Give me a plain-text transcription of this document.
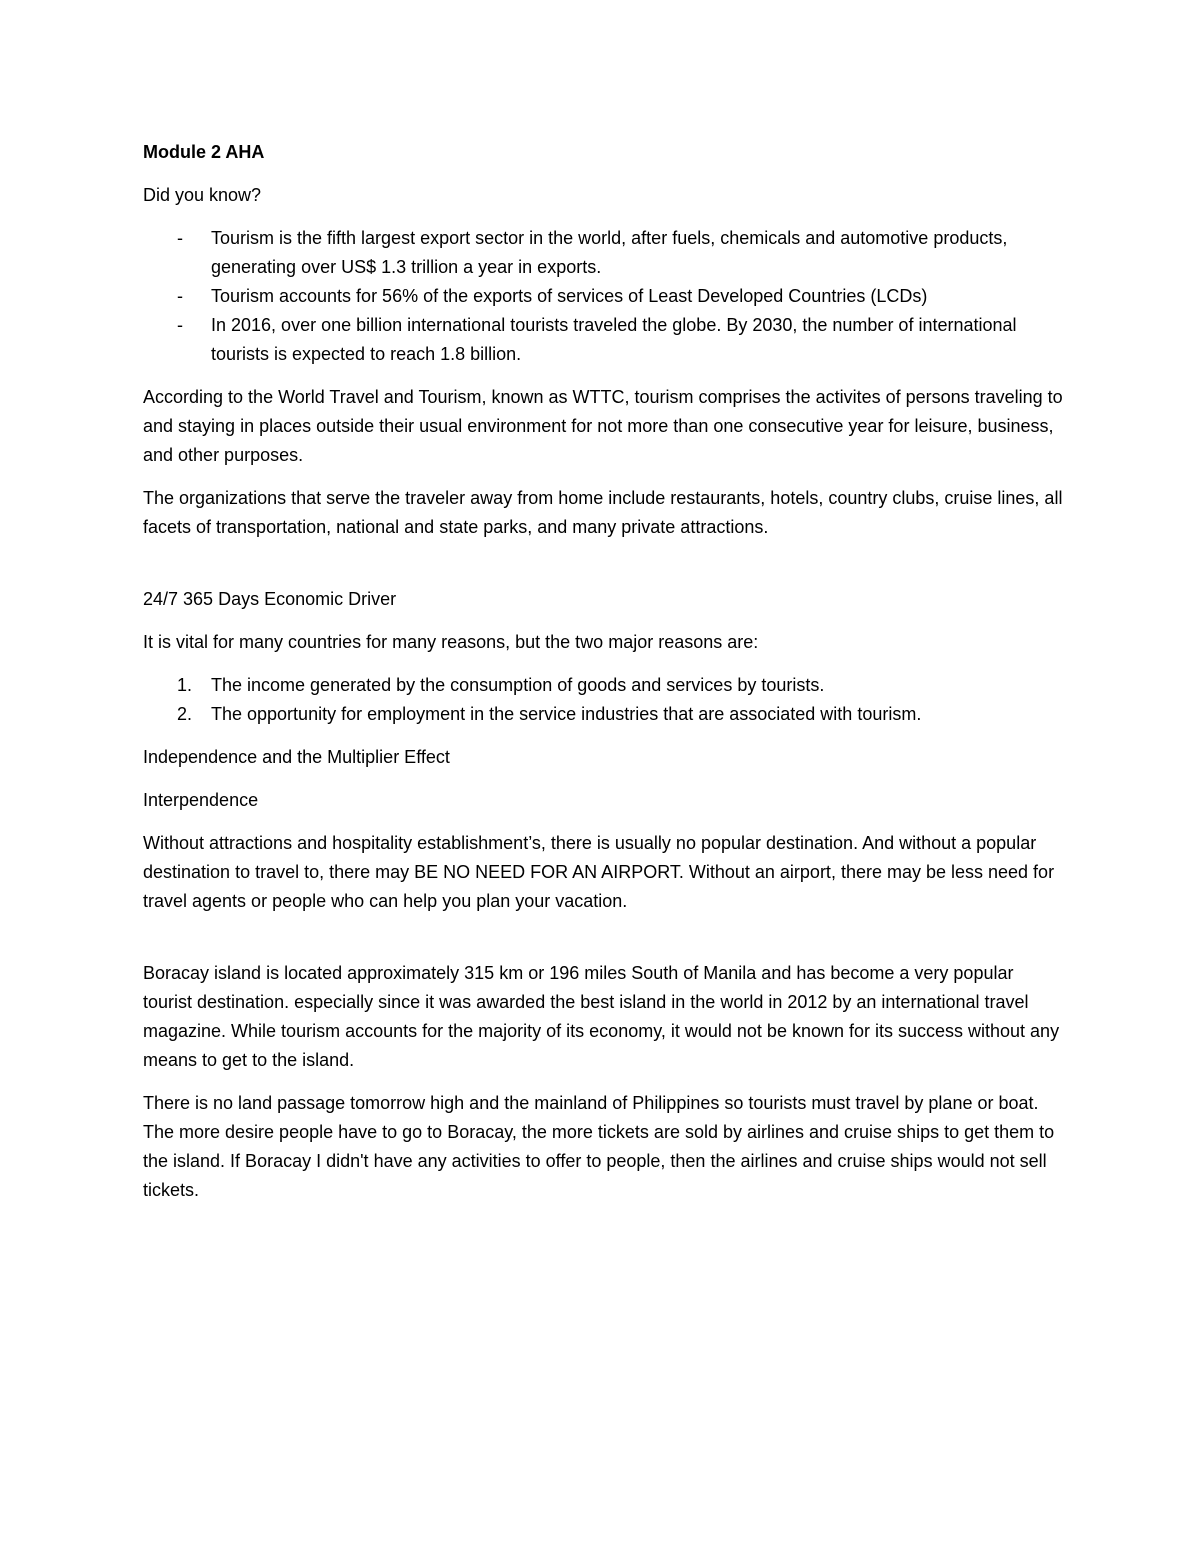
Module 2 AHA

Did you know?

- Tourism is the fifth largest export sector in the world, after fuels, chemicals and automotive products, generating over US$ 1.3 trillion a year in exports.
- Tourism accounts for 56% of the exports of services of Least Developed Countries (LCDs)
- In 2016, over one billion international tourists traveled the globe. By 2030, the number of international tourists is expected to reach 1.8 billion.

According to the World Travel and Tourism, known as WTTC, tourism comprises the activites of persons traveling to and staying in places outside their usual environment for not more than one consecutive year for leisure, business, and other purposes.

The organizations that serve the traveler away from home include restaurants, hotels, country clubs, cruise lines, all facets of transportation, national and state parks, and many private attractions.

24/7 365 Days Economic Driver

It is vital for many countries for many reasons, but the two major reasons are:

1. The income generated by the consumption of goods and services by tourists.
2. The opportunity for employment in the service industries that are associated with tourism.

Independence and the Multiplier Effect

Interpendence

Without attractions and hospitality establishment’s, there is usually no popular destination. And without a popular destination to travel to, there may BE NO NEED FOR AN AIRPORT. Without an airport, there may be less need for travel agents or people who can help you plan your vacation.

Boracay island is located approximately 315 km or 196 miles South of Manila and has become a very popular tourist destination. especially since it was awarded the best island in the world in 2012 by an international travel magazine. While tourism accounts for the majority of its economy, it would not be known for its success without any means to get to the island.

There is no land passage tomorrow high and the mainland of Philippines so tourists must travel by plane or boat. The more desire people have to go to Boracay, the more tickets are sold by airlines and cruise ships to get them to the island. If Boracay I didn't have any activities to offer to people, then the airlines and cruise ships would not sell tickets.
